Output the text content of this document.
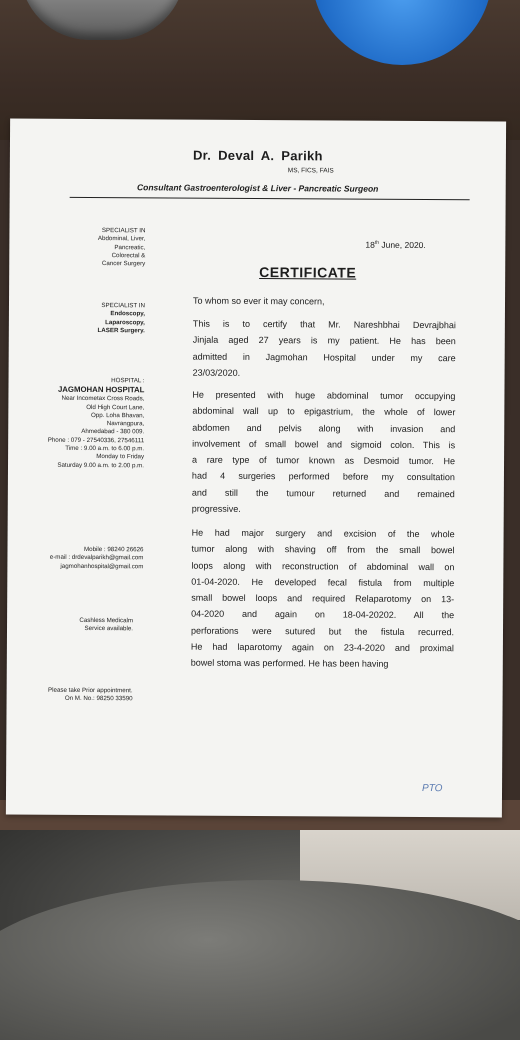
Dr. Deval A. Parikh
MS, FICS, FAIS
Consultant Gastroenterologist & Liver - Pancreatic Surgeon
SPECIALIST IN
Abdominal, Liver,
Pancreatic,
Colorectal &
Cancer Surgery
SPECIALIST IN
Endoscopy,
Laparoscopy,
LASER Surgery.
HOSPITAL :
JAGMOHAN HOSPITAL
Near Incometax Cross Roads,
Old High Court Lane,
Opp. Loha Bhavan,
Navrangpura,
Ahmedabad - 380 009.
Phone : 079 - 27540336, 27546111
Time : 9.00 a.m. to 6.00 p.m.
Monday to Friday
Saturday 9.00 a.m. to 2.00 p.m.
Mobile : 98240 26626
e-mail : drdevalparikh@gmail.com
jagmohanhospital@gmail.com
Cashless Medicalm
Service available.
Please take Prior appointment.
On M. No.: 98250 33590
18th June, 2020.
CERTIFICATE
To whom so ever it may concern,
This is to certify that Mr. Nareshbhai Devrajbhai
Jinjala aged 27 years is my patient. He has been
admitted in Jagmohan Hospital under my care
23/03/2020.
He presented with huge abdominal tumor occupying
abdominal wall up to epigastrium, the whole of lower
abdomen and pelvis along with invasion and
involvement of small bowel and sigmoid colon. This is
a rare type of tumor known as Desmoid tumor. He
had 4 surgeries performed before my consultation
and still the tumour returned and remained
progressive.
He had major surgery and excision of the whole
tumor along with shaving off from the small bowel
loops along with reconstruction of abdominal wall on
01-04-2020. He developed fecal fistula from multiple
small bowel loops and required Relaparotomy on 13-
04-2020 and again on 18-04-20202. All the
perforations were sutured but the fistula recurred.
He had laparotomy again on 23-4-2020 and proximal
bowel stoma was performed. He has been having
PTO
